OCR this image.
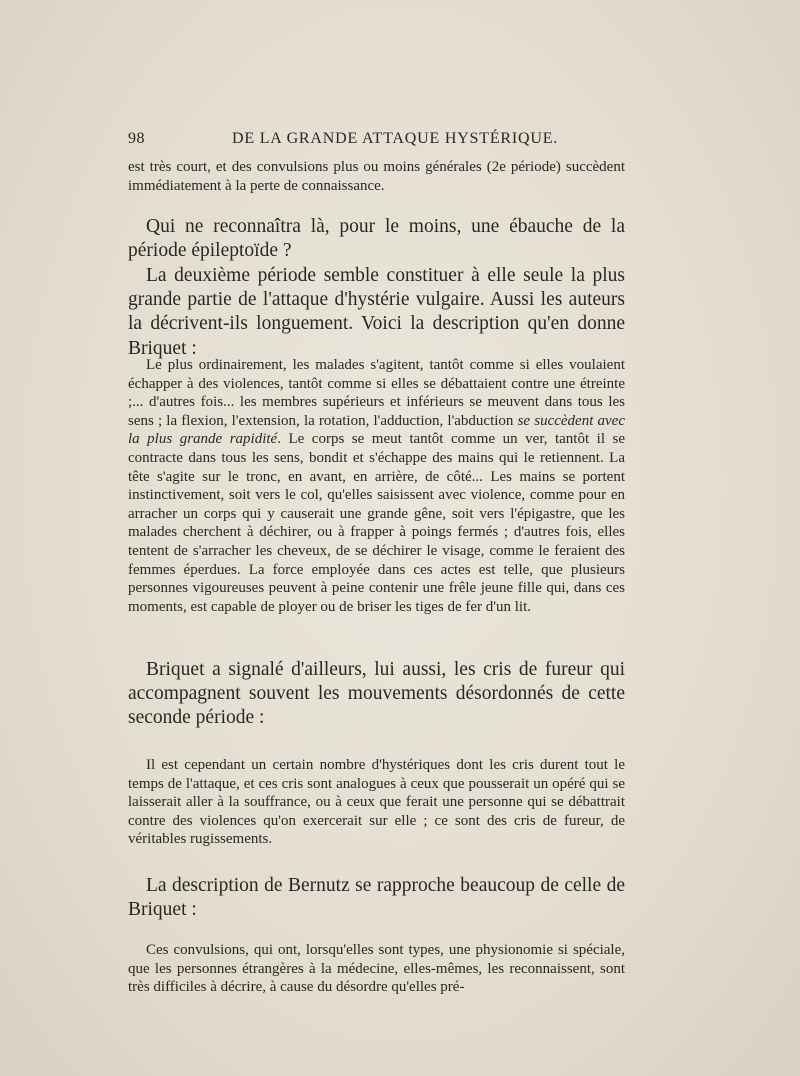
98	DE LA GRANDE ATTAQUE HYSTÉRIQUE.

est très court, et des convulsions plus ou moins générales (2e période) succèdent immédiatement à la perte de connaissance.

Qui ne reconnaîtra là, pour le moins, une ébauche de la période épileptoïde ?

La deuxième période semble constituer à elle seule la plus grande partie de l'attaque d'hystérie vulgaire. Aussi les auteurs la décrivent-ils longuement. Voici la description qu'en donne Briquet :

Le plus ordinairement, les malades s'agitent, tantôt comme si elles voulaient échapper à des violences, tantôt comme si elles se débattaient contre une étreinte ;... d'autres fois... les membres supérieurs et inférieurs se meuvent dans tous les sens ; la flexion, l'extension, la rotation, l'adduction, l'abduction se succèdent avec la plus grande rapidité. Le corps se meut tantôt comme un ver, tantôt il se contracte dans tous les sens, bondit et s'échappe des mains qui le retiennent. La tête s'agite sur le tronc, en avant, en arrière, de côté... Les mains se portent instinctivement, soit vers le col, qu'elles saisissent avec violence, comme pour en arracher un corps qui y causerait une grande gêne, soit vers l'épigastre, que les malades cherchent à déchirer, ou à frapper à poings fermés ; d'autres fois, elles tentent de s'arracher les cheveux, de se déchirer le visage, comme le feraient des femmes éperdues. La force employée dans ces actes est telle, que plusieurs personnes vigoureuses peuvent à peine contenir une frêle jeune fille qui, dans ces moments, est capable de ployer ou de briser les tiges de fer d'un lit.

Briquet a signalé d'ailleurs, lui aussi, les cris de fureur qui accompagnent souvent les mouvements désordonnés de cette seconde période :

Il est cependant un certain nombre d'hystériques dont les cris durent tout le temps de l'attaque, et ces cris sont analogues à ceux que pousserait un opéré qui se laisserait aller à la souffrance, ou à ceux que ferait une personne qui se débattrait contre des violences qu'on exercerait sur elle ; ce sont des cris de fureur, de véritables rugissements.

La description de Bernutz se rapproche beaucoup de celle de Briquet :

Ces convulsions, qui ont, lorsqu'elles sont types, une physionomie si spéciale, que les personnes étrangères à la médecine, elles-mêmes, les reconnaissent, sont très difficiles à décrire, à cause du désordre qu'elles pré-
